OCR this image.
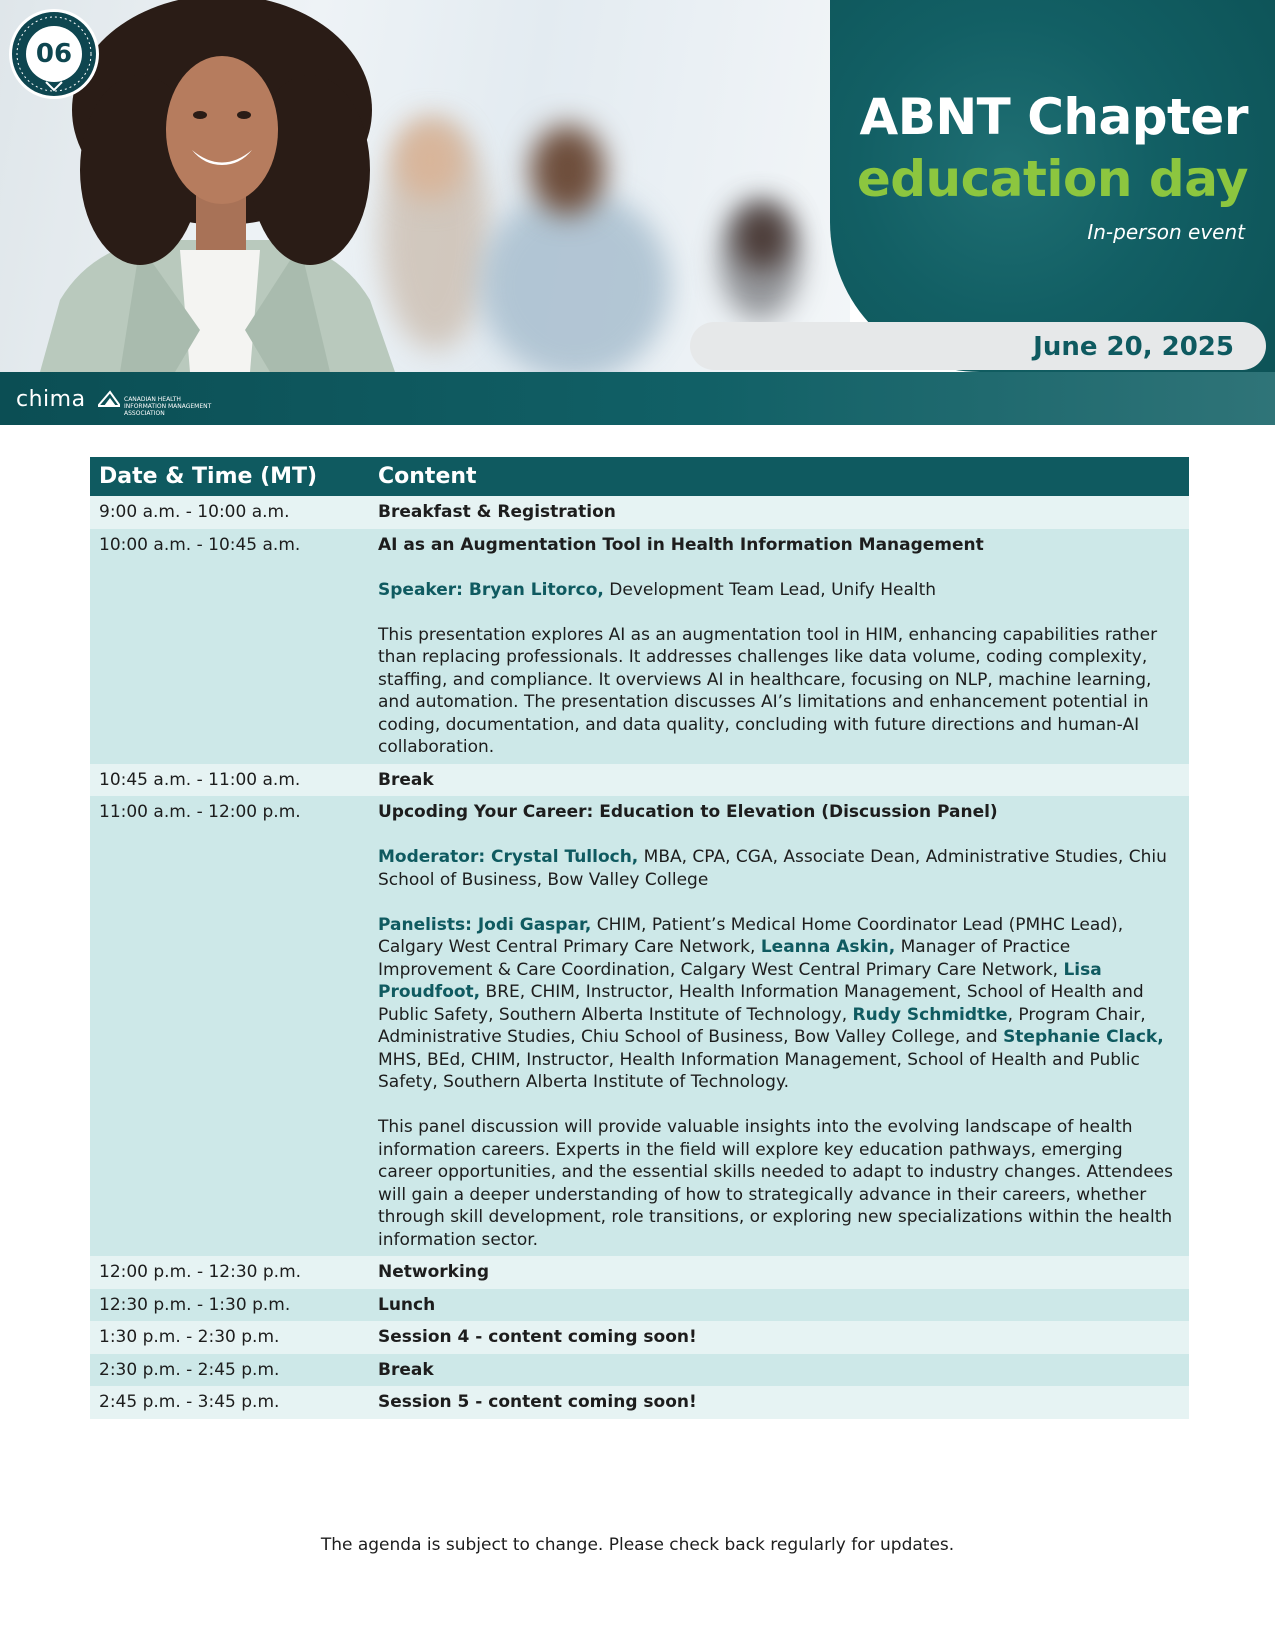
06
ABNT Chapter
education day
In-person event
June 20, 2025
chima	CANADIAN HEALTH INFORMATION MANAGEMENT ASSOCIATION
Date & Time (MT)	Content
9:00 a.m. - 10:00 a.m.	Breakfast & Registration
10:00 a.m. - 10:45 a.m.	AI as an Augmentation Tool in Health Information Management
Speaker: Bryan Litorco, Development Team Lead, Unify Health
This presentation explores AI as an augmentation tool in HIM, enhancing capabilities rather than replacing professionals. It addresses challenges like data volume, coding complexity, staffing, and compliance. It overviews AI in healthcare, focusing on NLP, machine learning, and automation. The presentation discusses AI’s limitations and enhancement potential in coding, documentation, and data quality, concluding with future directions and human-AI collaboration.
10:45 a.m. - 11:00 a.m.	Break
11:00 a.m. - 12:00 p.m.	Upcoding Your Career: Education to Elevation (Discussion Panel)
Moderator: Crystal Tulloch, MBA, CPA, CGA, Associate Dean, Administrative Studies, Chiu School of Business, Bow Valley College
Panelists: Jodi Gaspar, CHIM, Patient’s Medical Home Coordinator Lead (PMHC Lead), Calgary West Central Primary Care Network, Leanna Askin, Manager of Practice Improvement & Care Coordination, Calgary West Central Primary Care Network, Lisa Proudfoot, BRE, CHIM, Instructor, Health Information Management, School of Health and Public Safety, Southern Alberta Institute of Technology, Rudy Schmidtke, Program Chair, Administrative Studies, Chiu School of Business, Bow Valley College, and Stephanie Clack, MHS, BEd, CHIM, Instructor, Health Information Management, School of Health and Public Safety, Southern Alberta Institute of Technology.
This panel discussion will provide valuable insights into the evolving landscape of health information careers. Experts in the field will explore key education pathways, emerging career opportunities, and the essential skills needed to adapt to industry changes. Attendees will gain a deeper understanding of how to strategically advance in their careers, whether through skill development, role transitions, or exploring new specializations within the health information sector.
12:00 p.m. - 12:30 p.m.	Networking
12:30 p.m. - 1:30 p.m.	Lunch
1:30 p.m. - 2:30 p.m.	Session 4 - content coming soon!
2:30 p.m. - 2:45 p.m.	Break
2:45 p.m. - 3:45 p.m.	Session 5 - content coming soon!
The agenda is subject to change. Please check back regularly for updates.
